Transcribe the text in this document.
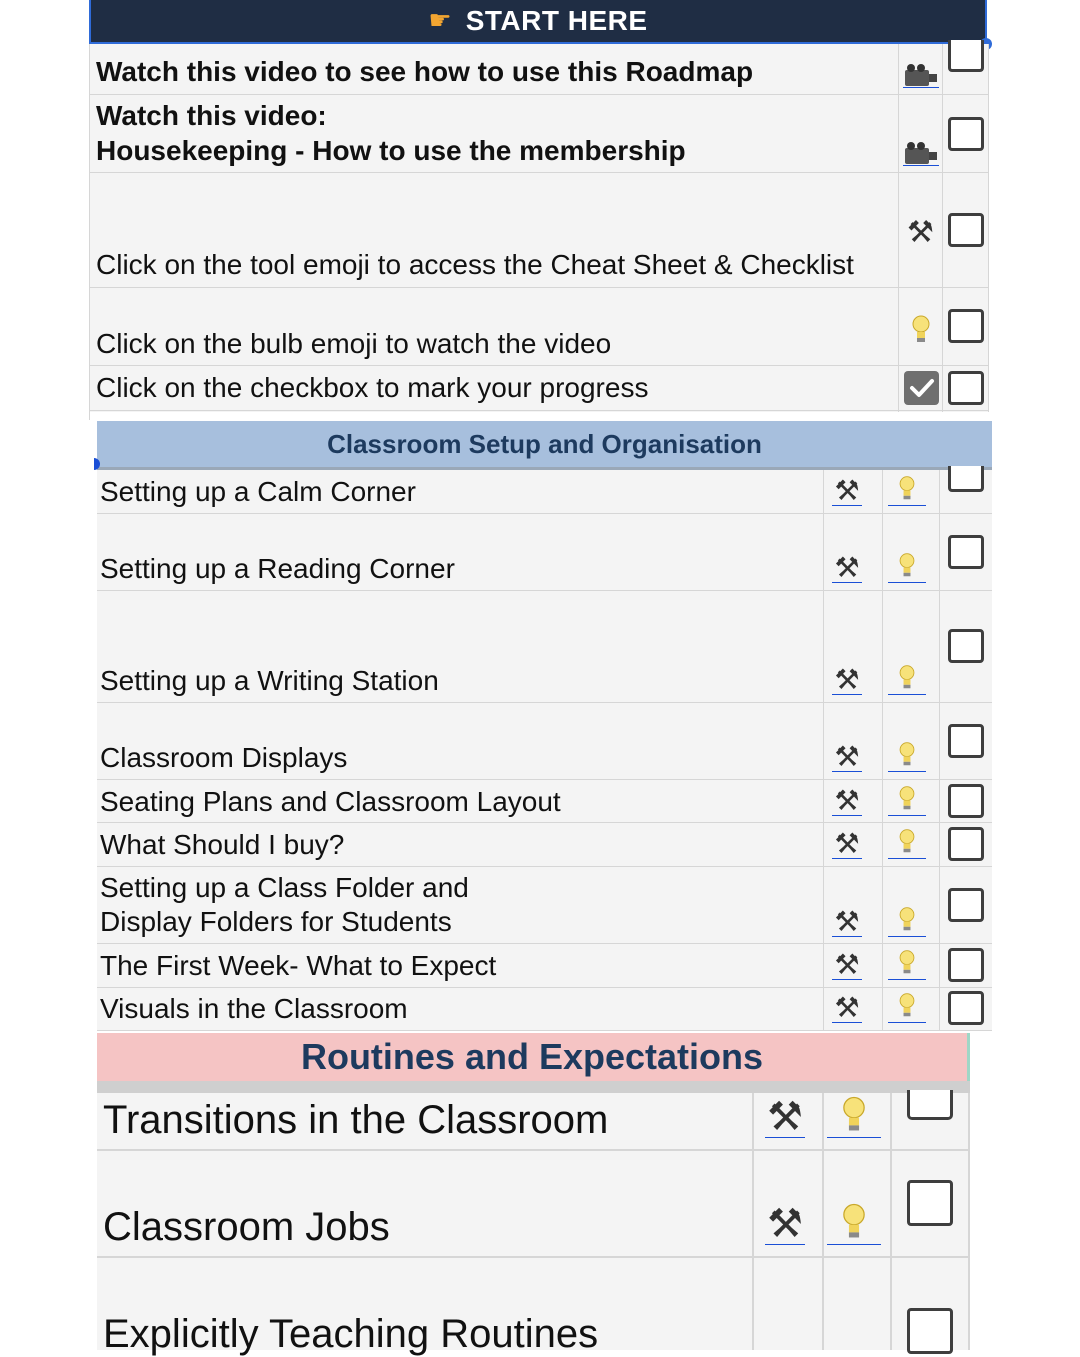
☛ START HERE
Watch this video to see how to use this Roadmap
Watch this video:
Housekeeping - How to use the membership
Click on the tool emoji to access the Cheat Sheet & Checklist
Click on the bulb emoji to watch the video
Click on the checkbox to mark your progress
⚒
Classroom Setup and Organisation
Setting up a Calm Corner
Setting up a Reading Corner
Setting up a Writing Station
Classroom Displays
Seating Plans and Classroom Layout
What Should I buy?
Setting up a Class Folder and
Display Folders for Students
The First Week- What to Expect
Visuals in the Classroom
⚒
⚒
⚒
⚒
⚒
⚒
⚒
⚒
⚒
Routines and Expectations
Transitions in the Classroom
Classroom Jobs
Explicitly Teaching Routines
⚒
⚒
